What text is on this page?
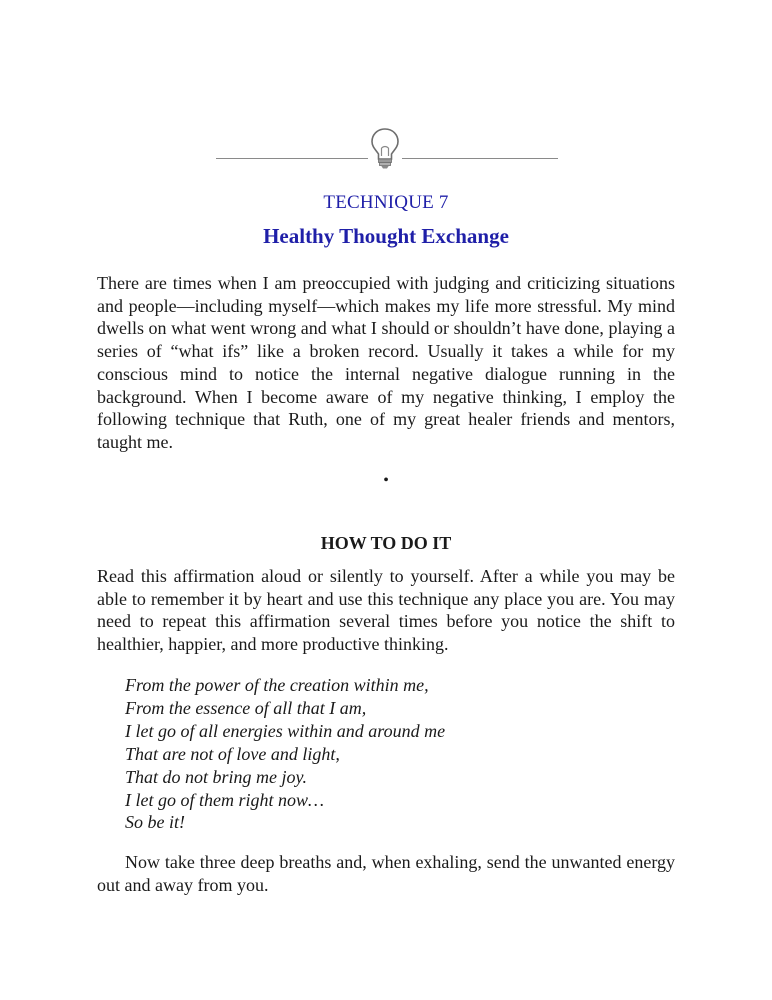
TECHNIQUE 7
Healthy Thought Exchange

There are times when I am preoccupied with judging and criticizing situations and people—including myself—which makes my life more stressful. My mind dwells on what went wrong and what I should or shouldn’t have done, playing a series of “what ifs” like a broken record. Usually it takes a while for my conscious mind to notice the internal negative dialogue running in the background. When I become aware of my negative thinking, I employ the following technique that Ruth, one of my great healer friends and mentors, taught me.

•
HOW TO DO IT

Read this affirmation aloud or silently to yourself. After a while you may be able to remember it by heart and use this technique any place you are. You may need to repeat this affirmation several times before you notice the shift to healthier, happier, and more productive thinking.

From the power of the creation within me,
From the essence of all that I am,
I let go of all energies within and around me
That are not of love and light,
That do not bring me joy.
I let go of them right now…
So be it!

Now take three deep breaths and, when exhaling, send the unwanted energy out and away from you.
